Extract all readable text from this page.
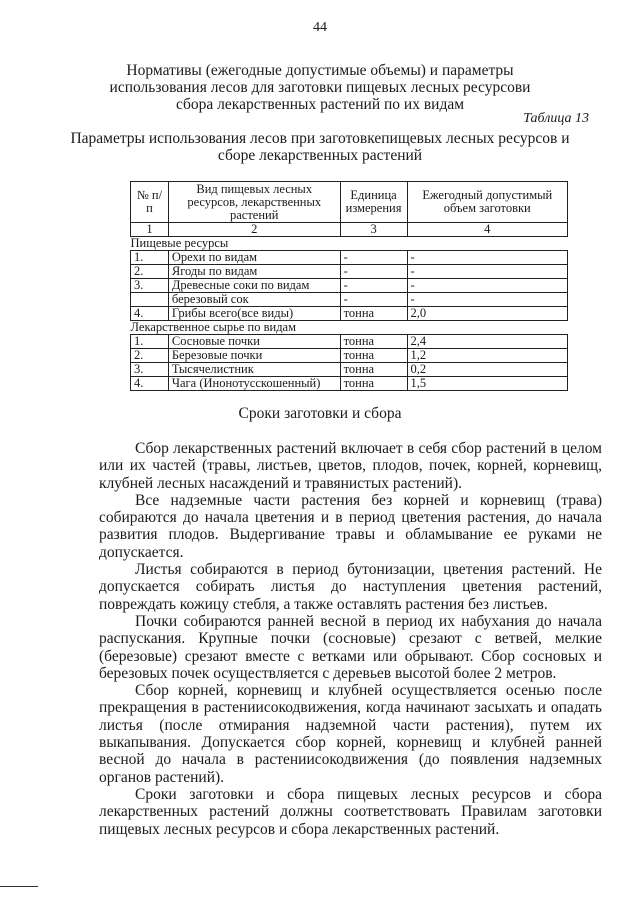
44
Нормативы (ежегодные допустимые объемы) и параметры использования лесов для заготовки пищевых лесных ресурсови сбора лекарственных растений по их видам
Таблица 13
Параметры использования лесов при заготовкепищевых лесных ресурсов и сборе лекарственных растений
№ п/п	Вид пищевых лесных ресурсов, лекарственных растений	Единица измерения	Ежегодный допустимый объем заготовки
1	2	3	4
Пищевые ресурсы			
1.	Орехи по видам	-	-
2.	Ягоды по видам	-	-
3.	Древесные соки по видам	-	-
	березовый сок	-	-
4.	Грибы всего(все виды)	тонна	2,0
Лекарственное сырье по видам			
1.	Сосновые почки	тонна	2,4
2.	Березовые почки	тонна	1,2
3.	Тысячелистник	тонна	0,2
4.	Чага (Инонотусскошенный)	тонна	1,5
Сроки заготовки и сбора

Сбор лекарственных растений включает в себя сбор растений в целом или их частей (травы, листьев, цветов, плодов, почек, корней, корневищ, клубней лесных насаждений и травянистых растений).

Все надземные части растения без корней и корневищ (трава) собираются до начала цветения и в период цветения растения, до начала развития плодов. Выдергивание травы и обламывание ее руками не допускается.

Листья собираются в период бутонизации, цветения растений. Не допускается собирать листья до наступления цветения растений, повреждать кожицу стебля, а также оставлять растения без листьев.

Почки собираются ранней весной в период их набухания до начала распускания. Крупные почки (сосновые) срезают с ветвей, мелкие (березовые) срезают вместе с ветками или обрывают. Сбор сосновых и березовых почек осуществляется с деревьев высотой более 2 метров.

Сбор корней, корневищ и клубней осуществляется осенью после прекращения в растениисокодвижения, когда начинают засыхать и опадать листья (после отмирания надземной части растения), путем их выкапывания. Допускается сбор корней, корневищ и клубней ранней весной до начала в растениисокодвижения (до появления надземных органов растений).

Сроки заготовки и сбора пищевых лесных ресурсов и сбора лекарственных растений должны соответствовать Правилам заготовки пищевых лесных ресурсов и сбора лекарственных растений.
